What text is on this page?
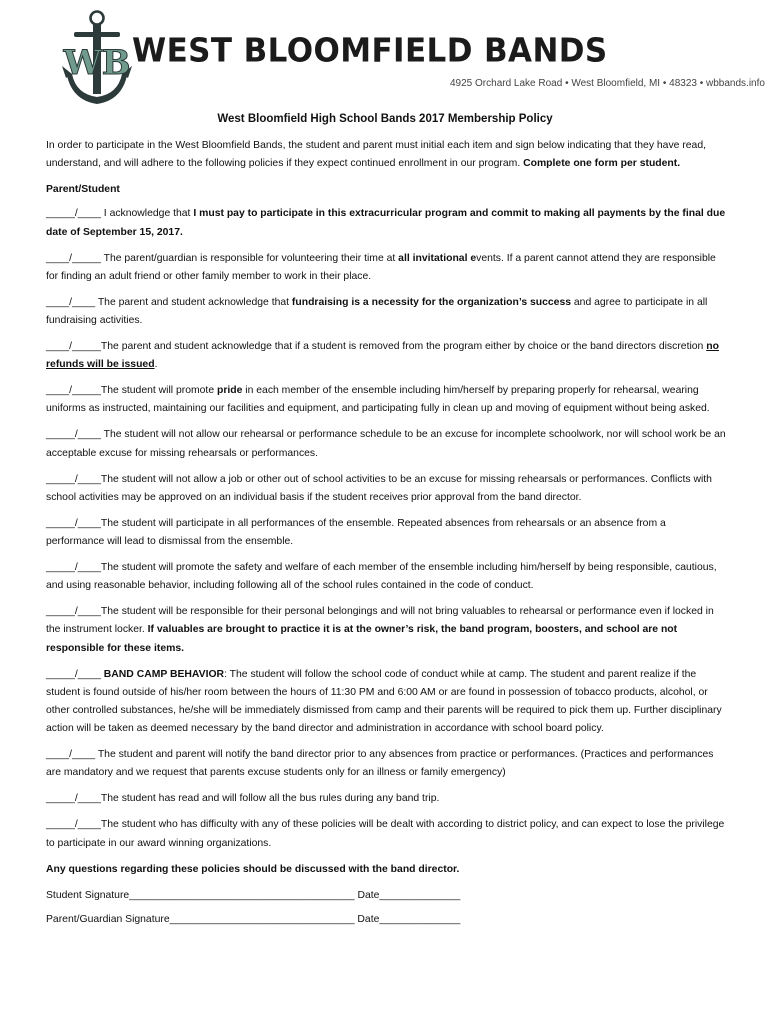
WB WEST BLOOMFIELD BANDS
4925 Orchard Lake Road • West Bloomfield, MI • 48323 • wbbands.info
West Bloomfield High School Bands 2017 Membership Policy

In order to participate in the West Bloomfield Bands, the student and parent must initial each item and sign below indicating that they have read, understand, and will adhere to the following policies if they expect continued enrollment in our program. Complete one form per student.

Parent/Student

_____/____ I acknowledge that I must pay to participate in this extracurricular program and commit to making all payments by the final due date of September 15, 2017.

____/_____ The parent/guardian is responsible for volunteering their time at all invitational events. If a parent cannot attend they are responsible for finding an adult friend or other family member to work in their place.

____/____ The parent and student acknowledge that fundraising is a necessity for the organization’s success and agree to participate in all fundraising activities.

____/_____The parent and student acknowledge that if a student is removed from the program either by choice or the band directors discretion no refunds will be issued.

____/_____The student will promote pride in each member of the ensemble including him/herself by preparing properly for rehearsal, wearing uniforms as instructed, maintaining our facilities and equipment, and participating fully in clean up and moving of equipment without being asked.

_____/____ The student will not allow our rehearsal or performance schedule to be an excuse for incomplete schoolwork, nor will school work be an acceptable excuse for missing rehearsals or performances.

_____/____The student will not allow a job or other out of school activities to be an excuse for missing rehearsals or performances. Conflicts with school activities may be approved on an individual basis if the student receives prior approval from the band director.

_____/____The student will participate in all performances of the ensemble. Repeated absences from rehearsals or an absence from a performance will lead to dismissal from the ensemble.

_____/____The student will promote the safety and welfare of each member of the ensemble including him/herself by being responsible, cautious, and using reasonable behavior, including following all of the school rules contained in the code of conduct.

_____/____The student will be responsible for their personal belongings and will not bring valuables to rehearsal or performance even if locked in the instrument locker. If valuables are brought to practice it is at the owner’s risk, the band program, boosters, and school are not responsible for these items.

_____/____ BAND CAMP BEHAVIOR: The student will follow the school code of conduct while at camp. The student and parent realize if the student is found outside of his/her room between the hours of 11:30 PM and 6:00 AM or are found in possession of tobacco products, alcohol, or other controlled substances, he/she will be immediately dismissed from camp and their parents will be required to pick them up. Further disciplinary action will be taken as deemed necessary by the band director and administration in accordance with school board policy.

____/____ The student and parent will notify the band director prior to any absences from practice or performances. (Practices and performances are mandatory and we request that parents excuse students only for an illness or family emergency)

_____/____The student has read and will follow all the bus rules during any band trip.

_____/____The student who has difficulty with any of these policies will be dealt with according to district policy, and can expect to lose the privilege to participate in our award winning organizations.

Any questions regarding these policies should be discussed with the band director.

Student Signature_______________________________________ Date______________

Parent/Guardian Signature________________________________ Date______________
